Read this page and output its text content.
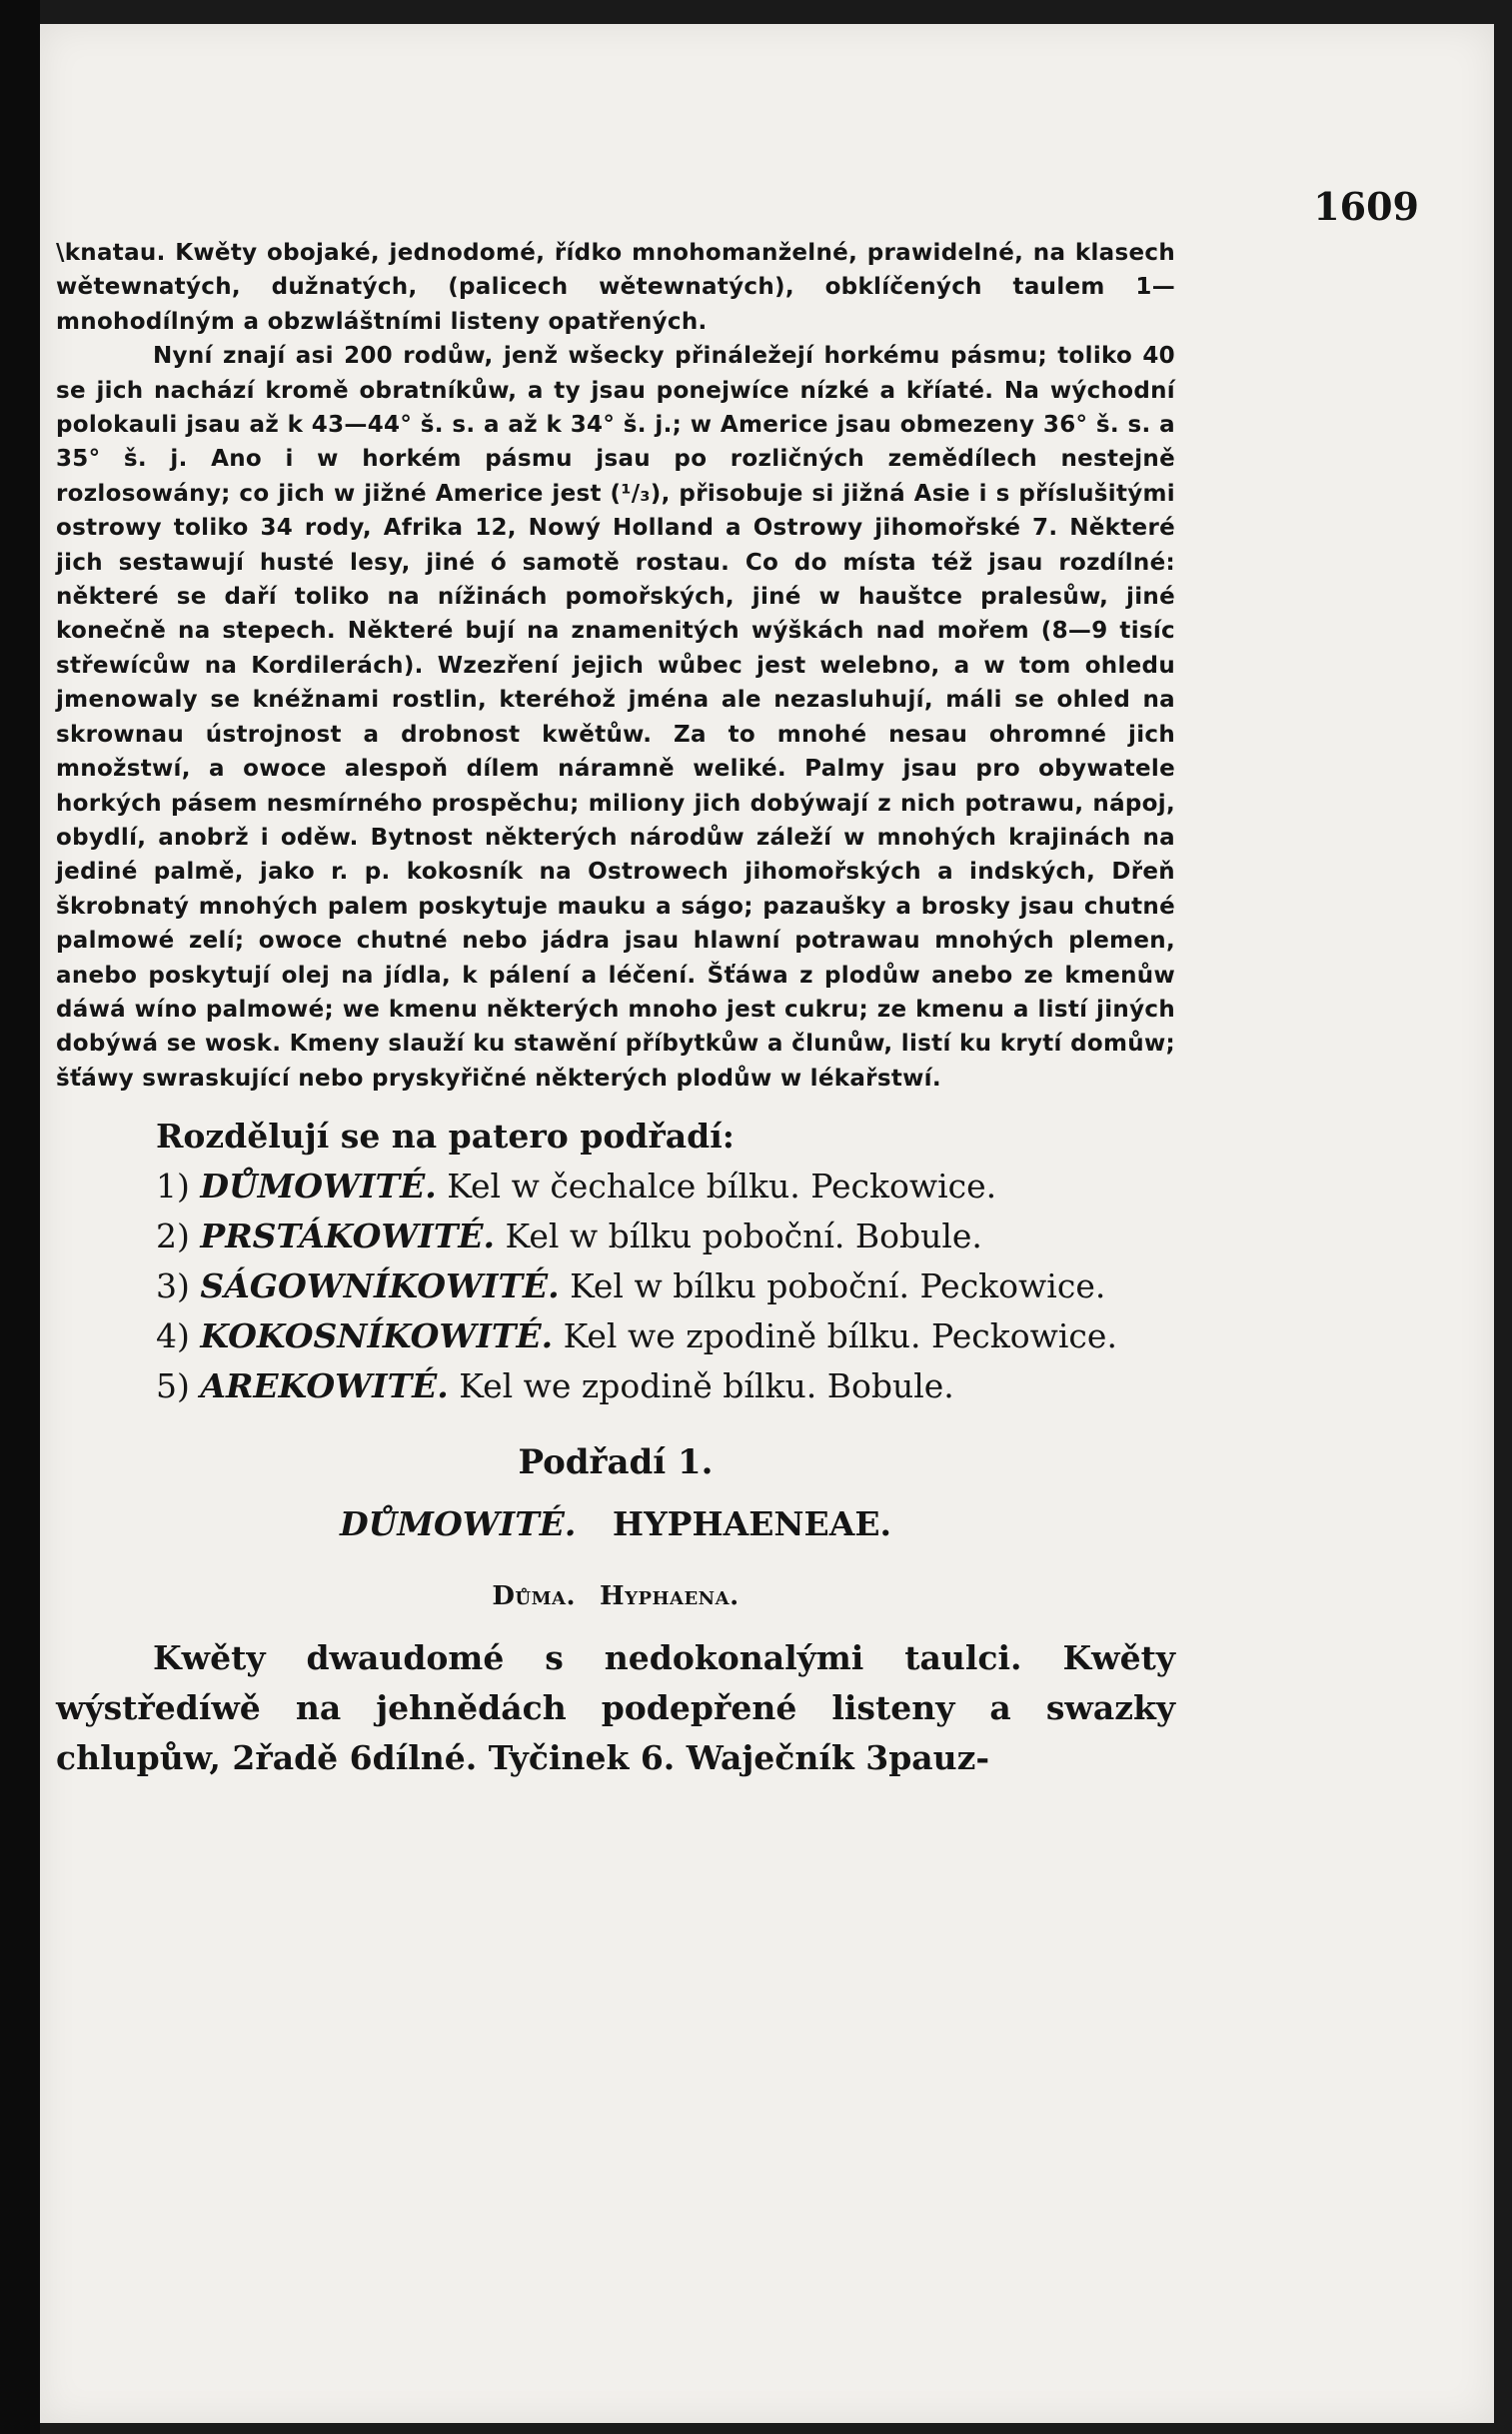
1609

\knatau. Kwěty obojaké, jednodomé, řídko mnohomanželné, prawidelné, na klasech wětewnatých, dužnatých, (palicech wětewnatých), obklíčených taulem 1— mnohodílným a obzwláštními listeny opatřených.

Nyní znají asi 200 rodůw, jenž wšecky přináležejí horkému pásmu; toliko 40 se jich nachází kromě obratníkůw, a ty jsau ponejwíce nízké a kříaté. Na wýchodní polokauli jsau až k 43—44° š. s. a až k 34° š. j.; w Americe jsau obmezeny 36° š. s. a 35° š. j. Ano i w horkém pásmu jsau po rozličných zemědílech nestejně rozlosowány; co jich w jižné Americe jest (¹/₃), přisobuje si jižná Asie i s příslušitými ostrowy toliko 34 rody, Afrika 12, Nowý Holland a Ostrowy jihomořské 7. Některé jich sestawují husté lesy, jiné ó samotě rostau. Co do místa též jsau rozdílné: některé se daří toliko na nížinách pomořských, jiné w hauštce pralesůw, jiné konečně na stepech. Některé bují na znamenitých wýškách nad mořem (8—9 tisíc střewícůw na Kordilerách). Wzezření jejich wůbec jest welebno, a w tom ohledu jmenowaly se knéžnami rostlin, kteréhož jména ale nezasluhují, máli se ohled na skrownau ústrojnost a drobnost kwětůw. Za to mnohé nesau ohromné jich množstwí, a owoce alespoň dílem náramně weliké. Palmy jsau pro obywatele horkých pásem nesmírného prospěchu; miliony jich dobýwají z nich potrawu, nápoj, obydlí, anobrž i oděw. Bytnost některých národůw záleží w mnohých krajinách na jediné palmě, jako r. p. kokosník na Ostrowech jihomořských a indských, Dřeň škrobnatý mnohých palem poskytuje mauku a ságo; pazaušky a brosky jsau chutné palmowé zelí; owoce chutné nebo jádra jsau hlawní potrawau mnohých plemen, anebo poskytují olej na jídla, k pálení a léčení. Šťáwa z plodůw anebo ze kmenůw dáwá wíno palmowé; we kmenu některých mnoho jest cukru; ze kmenu a listí jiných dobýwá se wosk. Kmeny slauží ku stawění příbytkůw a člunůw, listí ku krytí domůw; šťáwy swraskující nebo pryskyřičné některých plodůw w lékařstwí.

Rozdělují se na patero podřadí:
1) DŮMOWITÉ. Kel w čechalce bílku. Peckowice.
2) PRSTÁKOWITÉ. Kel w bílku poboční. Bobule.
3) SÁGOWNÍKOWITÉ. Kel w bílku poboční. Peckowice.
4) KOKOSNÍKOWITÉ. Kel we zpodině bílku. Peckowice.
5) AREKOWITÉ. Kel we zpodině bílku. Bobule.
Podřadí 1.
DŮMOWITÉ. HYPHAENEAE.
Důma. Hyphaena.

Kwěty dwaudomé s nedokonalými taulci. Kwěty wýstředíwě na jehnědách podepřené listeny a swazky chlupůw, 2řadě 6dílné. Tyčinek 6. Waječník 3pauz-
